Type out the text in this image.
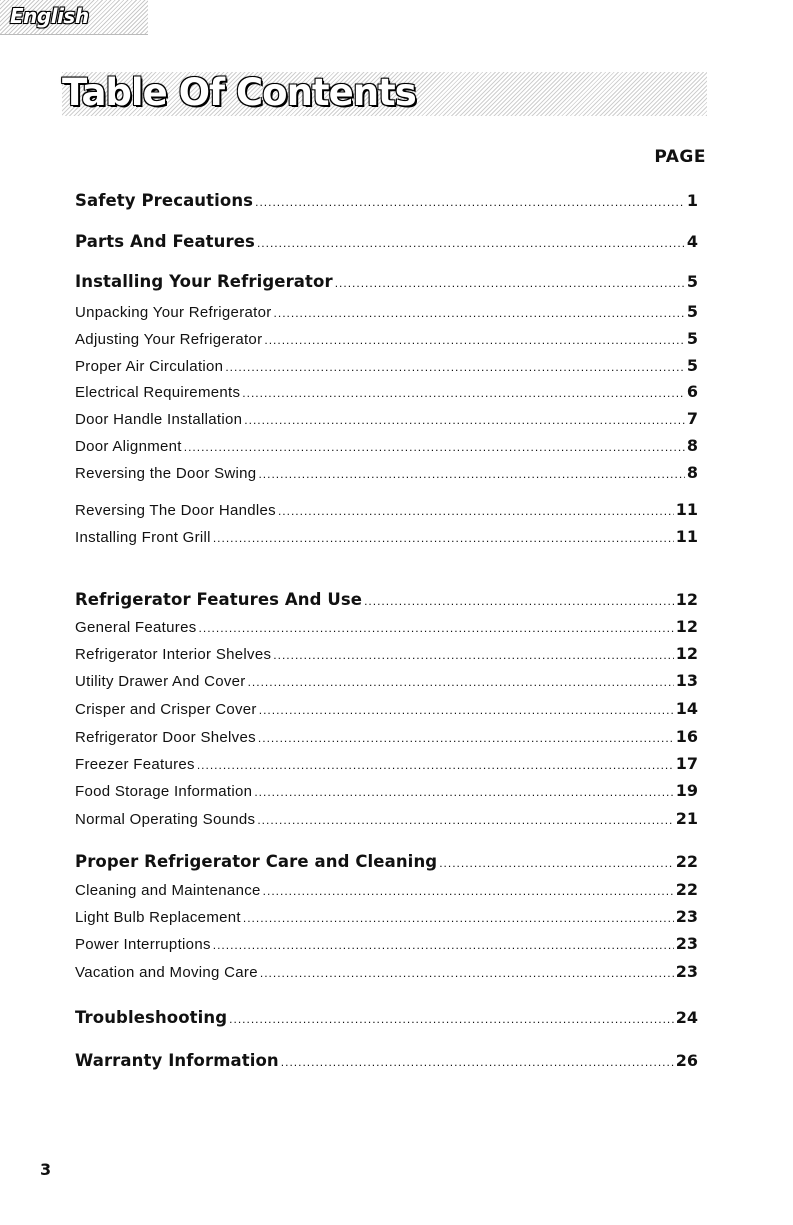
English
Table Of Contents
PAGE
Safety Precautions .....	1
Parts And Features .....	4
Installing Your Refrigerator .....	5
Unpacking Your Refrigerator .....	5
Adjusting Your Refrigerator .....	5
Proper Air Circulation .....	5
Electrical Requirements .....	6
Door Handle Installation .....	7
Door Alignment .....	8
Reversing the Door Swing .....	8
Reversing The Door Handles .....	11
Installing Front Grill .....	11
Refrigerator Features And Use .....	12
General Features .....	12
Refrigerator Interior Shelves .....	12
Utility Drawer And Cover .....	13
Crisper and Crisper Cover .....	14
Refrigerator Door Shelves .....	16
Freezer Features .....	17
Food Storage Information .....	19
Normal Operating Sounds .....	21
Proper Refrigerator Care and Cleaning .....	22
Cleaning and Maintenance .....	22
Light Bulb Replacement .....	23
Power Interruptions .....	23
Vacation and Moving Care .....	23
Troubleshooting .....	24
Warranty Information .....	26
3
